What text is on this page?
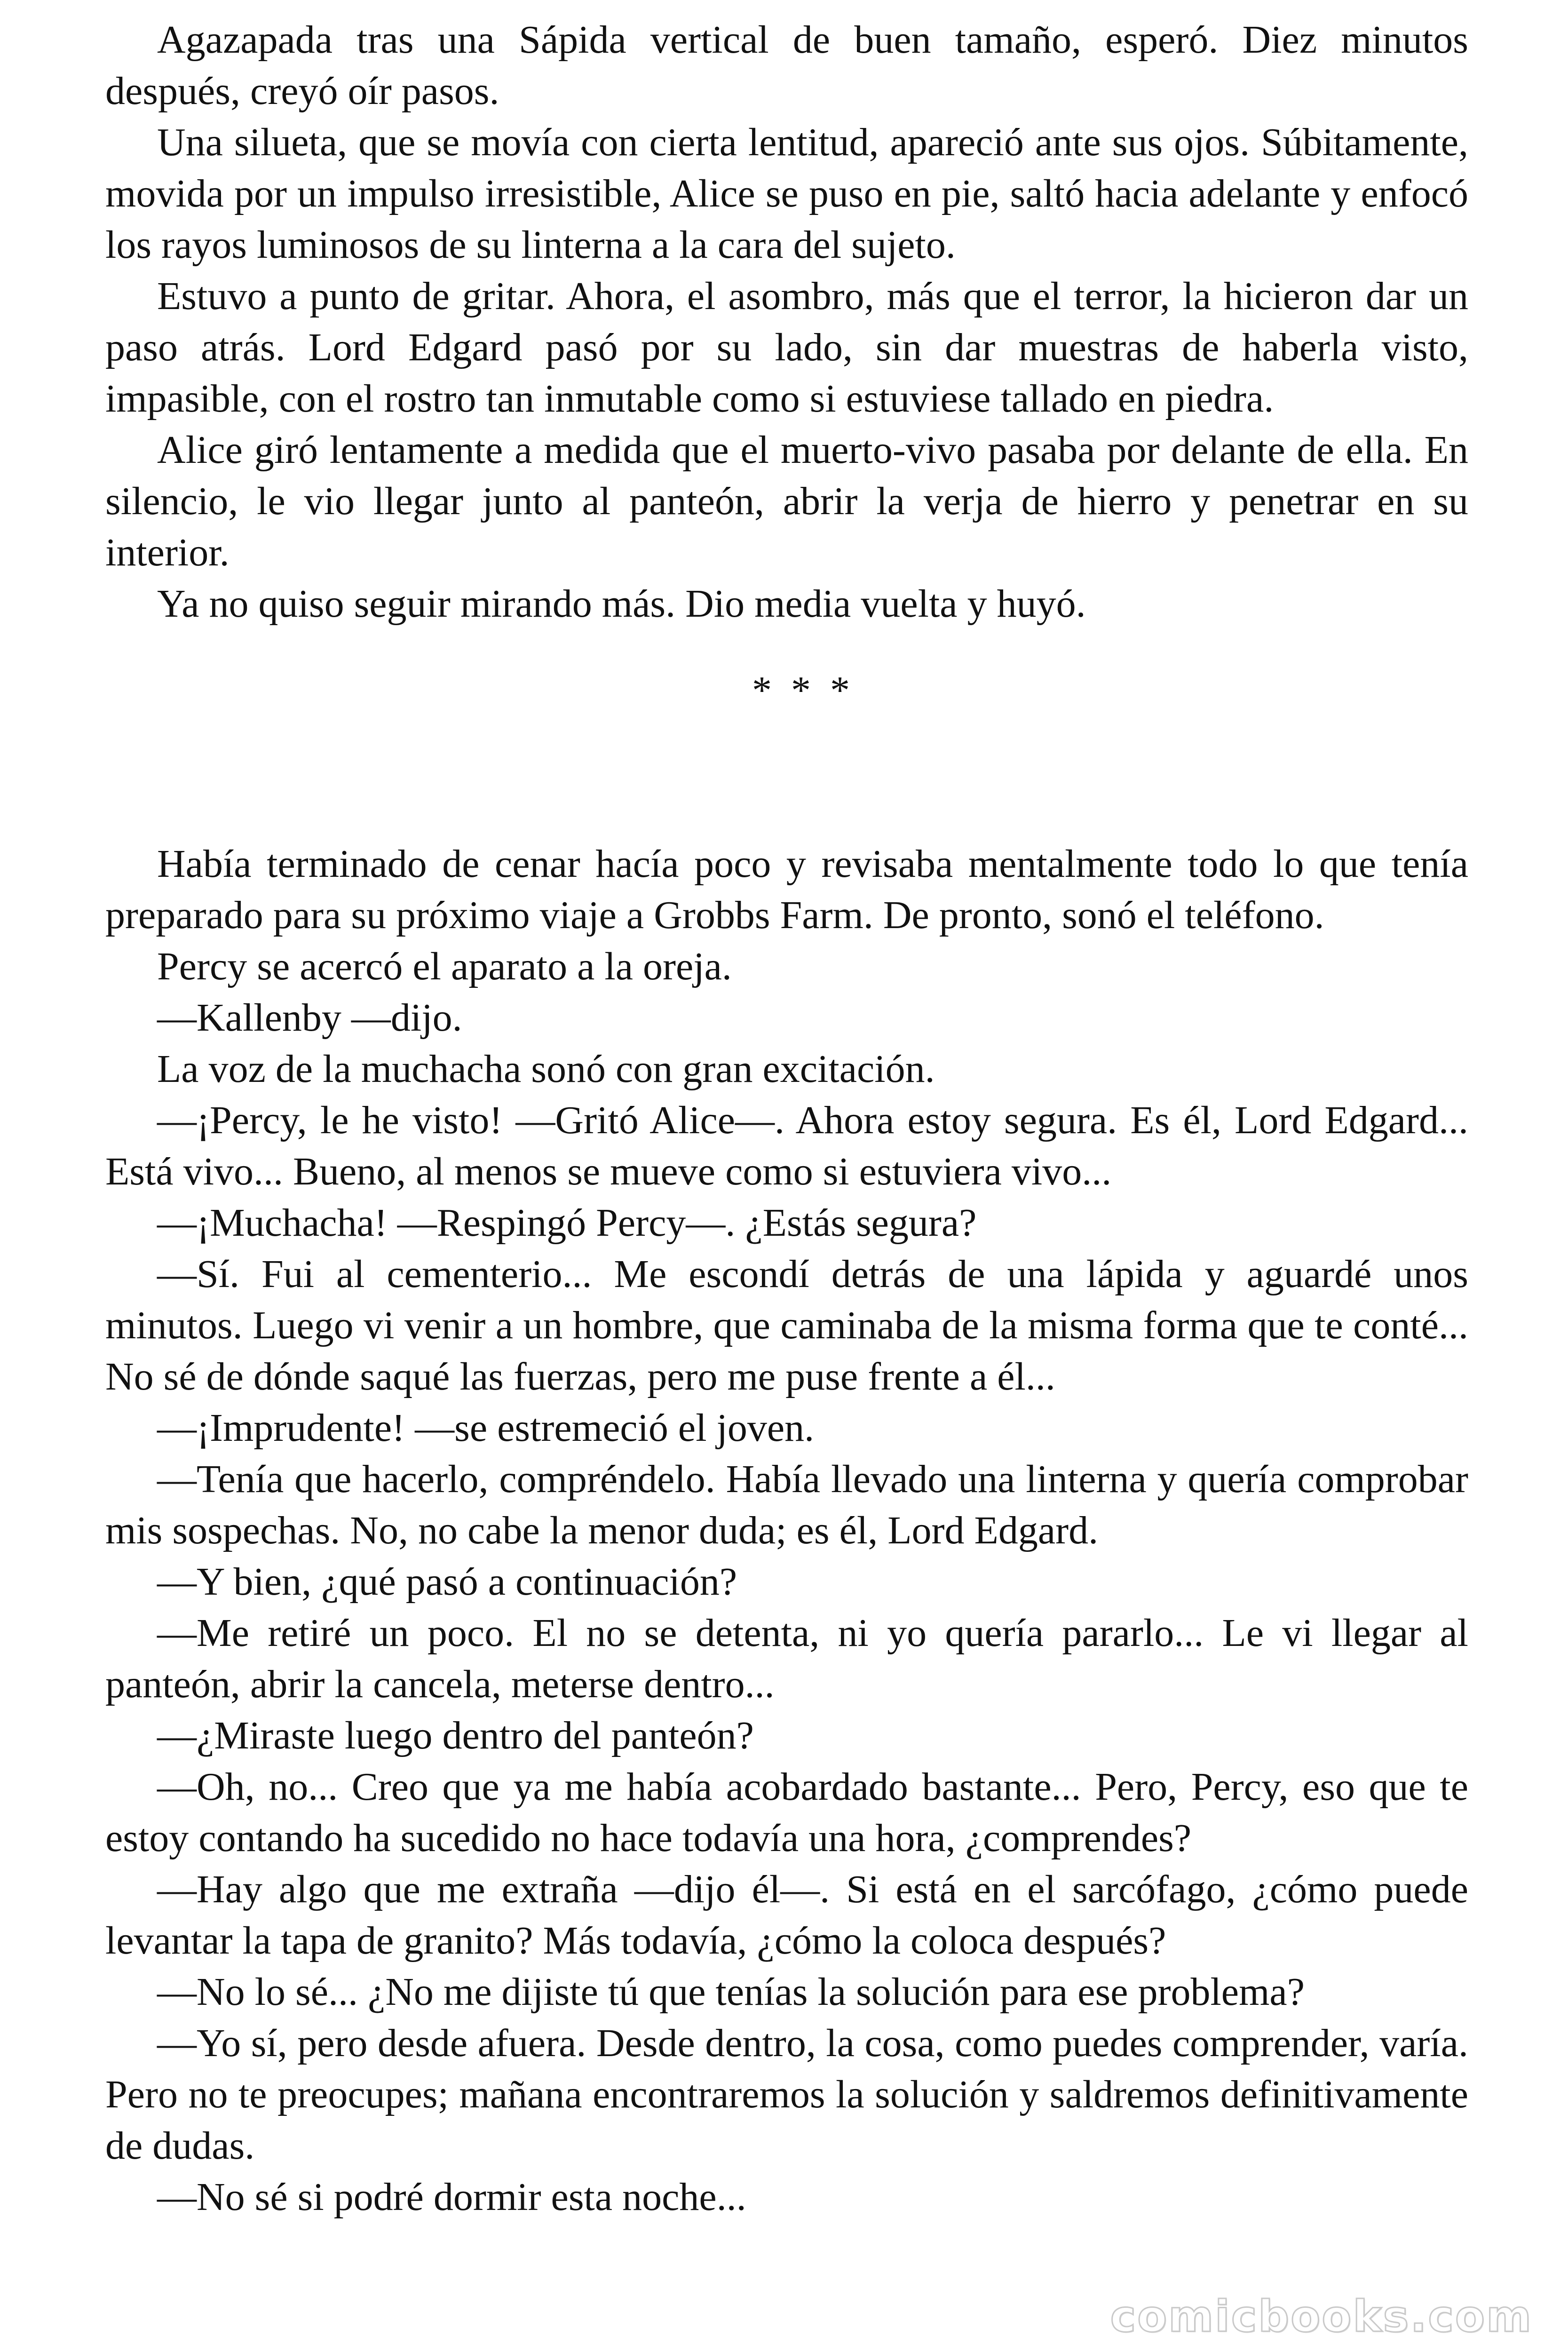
Agazapada tras una Sápida vertical de buen tamaño, esperó. Diez minutos después, creyó oír pasos.

Una silueta, que se movía con cierta lentitud, apareció ante sus ojos. Súbitamente, movida por un impulso irresistible, Alice se puso en pie, saltó hacia adelante y enfocó los rayos luminosos de su linterna a la cara del sujeto.

Estuvo a punto de gritar. Ahora, el asombro, más que el terror, la hicieron dar un paso atrás. Lord Edgard pasó por su lado, sin dar muestras de haberla visto, impasible, con el rostro tan inmutable como si estuviese tallado en piedra.

Alice giró lentamente a medida que el muerto-vivo pasaba por delante de ella. En silencio, le vio llegar junto al panteón, abrir la verja de hierro y penetrar en su interior.

Ya no quiso seguir mirando más. Dio media vuelta y huyó.

* * *

Había terminado de cenar hacía poco y revisaba mentalmente todo lo que tenía preparado para su próximo viaje a Grobbs Farm. De pronto, sonó el teléfono.

Percy se acercó el aparato a la oreja.

—Kallenby —dijo.

La voz de la muchacha sonó con gran excitación.

—¡Percy, le he visto! —Gritó Alice—. Ahora estoy segura. Es él, Lord Edgard... Está vivo... Bueno, al menos se mueve como si estuviera vivo...

—¡Muchacha! —Respingó Percy—. ¿Estás segura?

—Sí. Fui al cementerio... Me escondí detrás de una lápida y aguardé unos minutos. Luego vi venir a un hombre, que caminaba de la misma forma que te conté... No sé de dónde saqué las fuerzas, pero me puse frente a él...

—¡Imprudente! —se estremeció el joven.

—Tenía que hacerlo, compréndelo. Había llevado una linterna y quería comprobar mis sospechas. No, no cabe la menor duda; es él, Lord Edgard.

—Y bien, ¿qué pasó a continuación?

—Me retiré un poco. El no se detenta, ni yo quería pararlo... Le vi llegar al panteón, abrir la cancela, meterse dentro...

—¿Miraste luego dentro del panteón?

—Oh, no... Creo que ya me había acobardado bastante... Pero, Percy, eso que te estoy contando ha sucedido no hace todavía una hora, ¿comprendes?

—Hay algo que me extraña —dijo él—. Si está en el sarcófago, ¿cómo puede levantar la tapa de granito? Más todavía, ¿cómo la coloca después?

—No lo sé... ¿No me dijiste tú que tenías la solución para ese problema?

—Yo sí, pero desde afuera. Desde dentro, la cosa, como puedes comprender, varía. Pero no te preocupes; mañana encontraremos la solución y saldremos definitivamente de dudas.

—No sé si podré dormir esta noche...

comicbooks.com
